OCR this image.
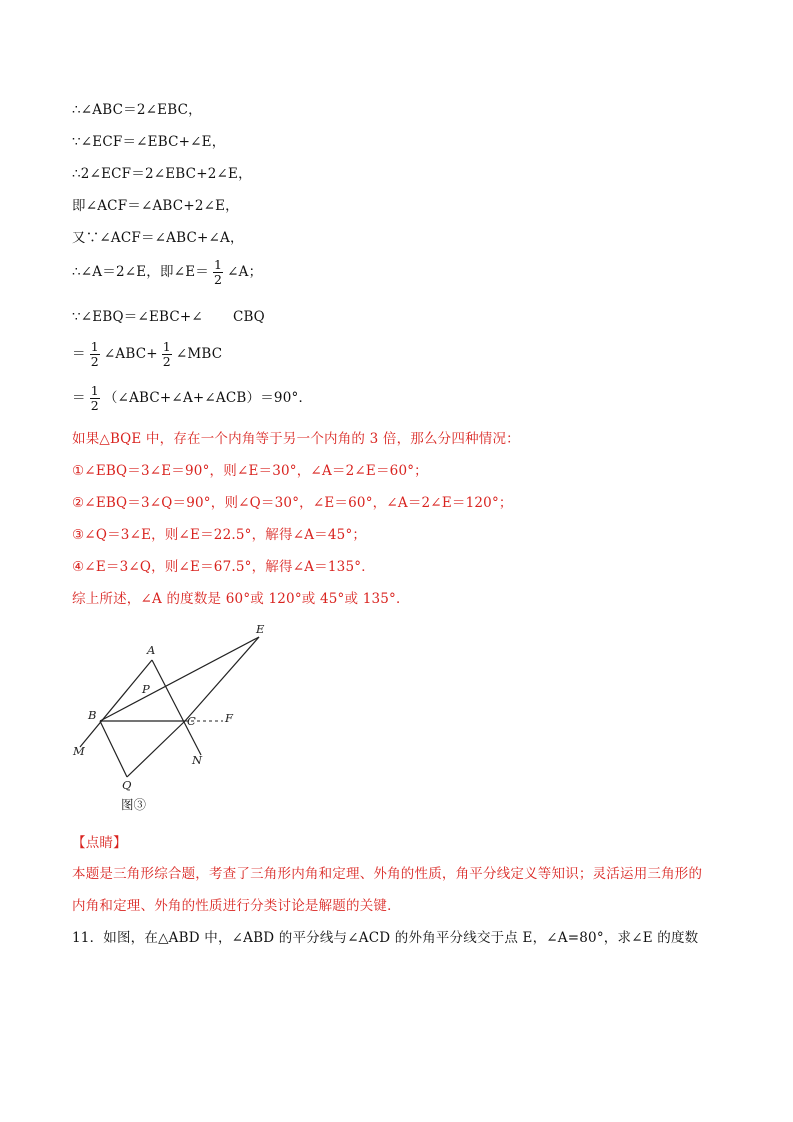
∴∠ABC＝2∠EBC，
∵∠ECF＝∠EBC+∠E，
∴2∠ECF＝2∠EBC+2∠E，
即∠ACF＝∠ABC+2∠E，
又∵∠ACF＝∠ABC+∠A，
∴∠A＝2∠E，即∠E＝ $\frac{1}{2}$ ∠A；
∵∠EBQ＝∠EBC+∠ CBQ
＝ $\frac{1}{2}$ ∠ABC+ $\frac{1}{2}$ ∠MBC
＝ $\frac{1}{2}$ （∠ABC+∠A+∠ACB）＝90°．
如果△BQE 中，存在一个内角等于另一个内角的 3 倍，那么分四种情况：
①∠EBQ＝3∠E＝90°，则∠E＝30°，∠A＝2∠E＝60°；
②∠EBQ＝3∠Q＝90°，则∠Q＝30°，∠E＝60°，∠A＝2∠E＝120°；
③∠Q＝3∠E，则∠E＝22.5°，解得∠A＝45°；
④∠E＝3∠Q，则∠E＝67.5°，解得∠A＝135°．
综上所述，∠A 的度数是 60°或 120°或 45°或 135°．
A
B	C
E
F
M
N
P
Q
图③
【点睛】
本题是三角形综合题，考查了三角形内角和定理、外角的性质，角平分线定义等知识；灵活运用三角形的
内角和定理、外角的性质进行分类讨论是解题的关键．
11．如图，在△ABD 中，∠ABD 的平分线与∠ACD 的外角平分线交于点 E，∠A=80°，求∠E 的度数
